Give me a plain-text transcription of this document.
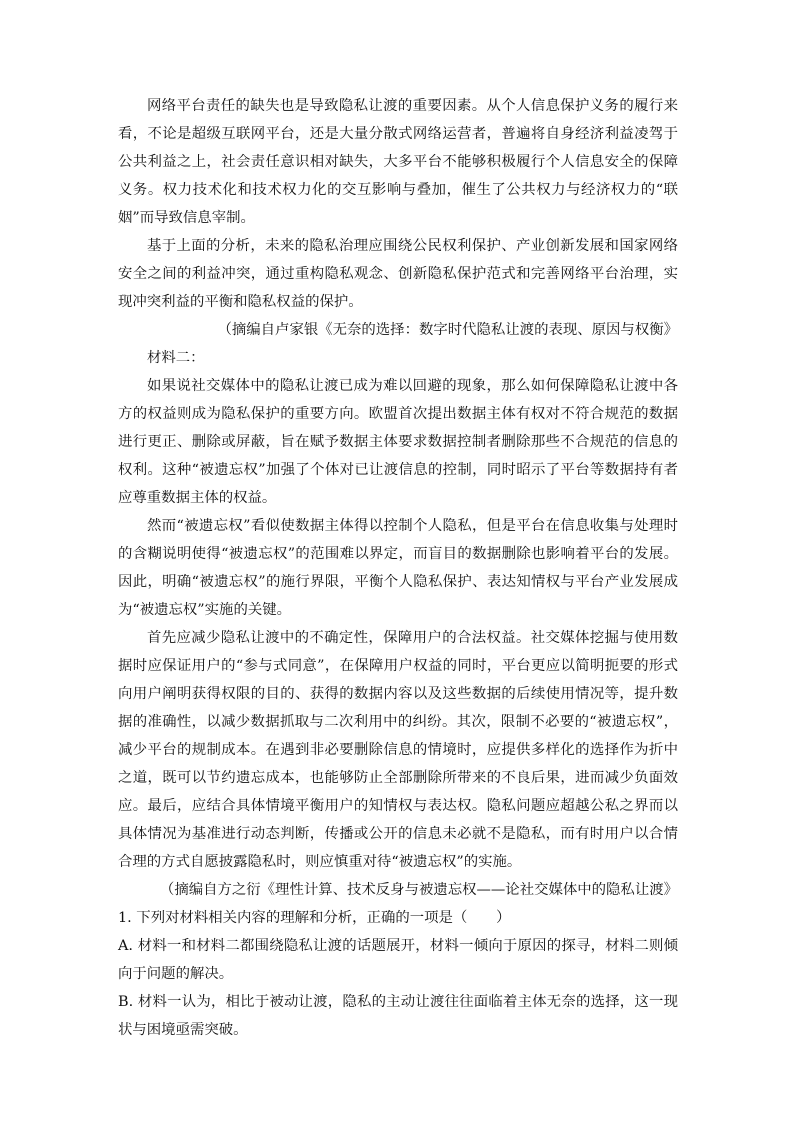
网络平台责任的缺失也是导致隐私让渡的重要因素。从个人信息保护义务的履行来看，不论是超级互联网平台，还是大量分散式网络运营者，普遍将自身经济利益凌驾于公共利益之上，社会责任意识相对缺失，大多平台不能够积极履行个人信息安全的保障义务。权力技术化和技术权力化的交互影响与叠加，催生了公共权力与经济权力的“联姻”而导致信息宰制。

基于上面的分析，未来的隐私治理应围绕公民权利保护、产业创新发展和国家网络安全之间的利益冲突，通过重构隐私观念、创新隐私保护范式和完善网络平台治理，实现冲突利益的平衡和隐私权益的保护。

（摘编自卢家银《无奈的选择：数字时代隐私让渡的表现、原因与权衡》

材料二：

如果说社交媒体中的隐私让渡已成为难以回避的现象，那么如何保障隐私让渡中各方的权益则成为隐私保护的重要方向。欧盟首次提出数据主体有权对不符合规范的数据进行更正、删除或屏蔽，旨在赋予数据主体要求数据控制者删除那些不合规范的信息的权利。这种“被遗忘权”加强了个体对已让渡信息的控制，同时昭示了平台等数据持有者应尊重数据主体的权益。

然而“被遗忘权”看似使数据主体得以控制个人隐私，但是平台在信息收集与处理时的含糊说明使得“被遗忘权”的范围难以界定，而盲目的数据删除也影响着平台的发展。因此，明确“被遗忘权”的施行界限，平衡个人隐私保护、表达知情权与平台产业发展成为“被遗忘权”实施的关键。

首先应减少隐私让渡中的不确定性，保障用户的合法权益。社交媒体挖掘与使用数据时应保证用户的“参与式同意”，在保障用户权益的同时，平台更应以简明扼要的形式向用户阐明获得权限的目的、获得的数据内容以及这些数据的后续使用情况等，提升数据的准确性，以减少数据抓取与二次利用中的纠纷。其次，限制不必要的“被遗忘权”，减少平台的规制成本。在遇到非必要删除信息的情境时，应提供多样化的选择作为折中之道，既可以节约遗忘成本，也能够防止全部删除所带来的不良后果，进而减少负面效应。最后，应结合具体情境平衡用户的知情权与表达权。隐私问题应超越公私之界而以具体情况为基准进行动态判断，传播或公开的信息未必就不是隐私，而有时用户以合情合理的方式自愿披露隐私时，则应慎重对待“被遗忘权”的实施。

（摘编自方之衍《理性计算、技术反身与被遗忘权——论社交媒体中的隐私让渡》

1. 下列对材料相关内容的理解和分析，正确的一项是（　　）

A. 材料一和材料二都围绕隐私让渡的话题展开，材料一倾向于原因的探寻，材料二则倾向于问题的解决。

B. 材料一认为，相比于被动让渡，隐私的主动让渡往往面临着主体无奈的选择，这一现状与困境亟需突破。
